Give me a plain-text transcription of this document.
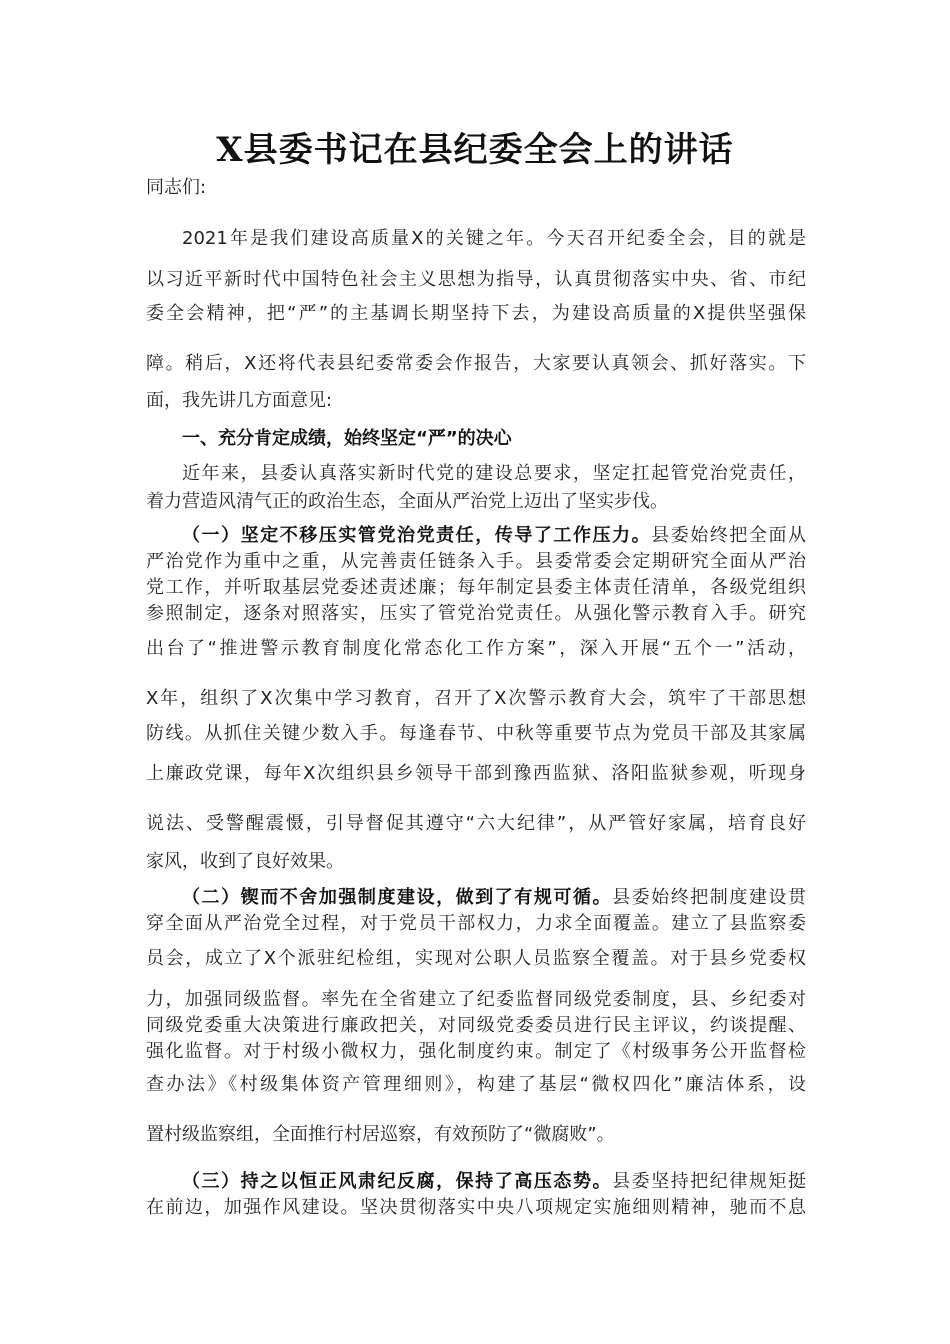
X县委书记在县纪委全会上的讲话
同志们:
2021年是我们建设高质量X的关键之年。今天召开纪委全会，目的就是
以习近平新时代中国特色社会主义思想为指导，认真贯彻落实中央、省、市纪
委全会精神，把“严”的主基调长期坚持下去，为建设高质量的X提供坚强保
障。稍后，X还将代表县纪委常委会作报告，大家要认真领会、抓好落实。下
面，我先讲几方面意见:
一、充分肯定成绩，始终坚定“严”的决心
近年来，县委认真落实新时代党的建设总要求，坚定扛起管党治党责任，
着力营造风清气正的政治生态，全面从严治党上迈出了坚实步伐。
（一）坚定不移压实管党治党责任，传导了工作压力。县委始终把全面从
严治党作为重中之重，从完善责任链条入手。县委常委会定期研究全面从严治
党工作，并听取基层党委述责述廉；每年制定县委主体责任清单，各级党组织
参照制定，逐条对照落实，压实了管党治党责任。从强化警示教育入手。研究
出台了“推进警示教育制度化常态化工作方案”，深入开展“五个一”活动，
X年，组织了X次集中学习教育，召开了X次警示教育大会，筑牢了干部思想
防线。从抓住关键少数入手。每逢春节、中秋等重要节点为党员干部及其家属
上廉政党课，每年X次组织县乡领导干部到豫西监狱、洛阳监狱参观，听现身
说法、受警醒震慑，引导督促其遵守“六大纪律”，从严管好家属，培育良好
家风，收到了良好效果。
（二）锲而不舍加强制度建设，做到了有规可循。县委始终把制度建设贯
穿全面从严治党全过程，对于党员干部权力，力求全面覆盖。建立了县监察委
员会，成立了X个派驻纪检组，实现对公职人员监察全覆盖。对于县乡党委权
力，加强同级监督。率先在全省建立了纪委监督同级党委制度，县、乡纪委对
同级党委重大决策进行廉政把关，对同级党委委员进行民主评议，约谈提醒、
强化监督。对于村级小微权力，强化制度约束。制定了《村级事务公开监督检
查办法》《村级集体资产管理细则》，构建了基层“微权四化”廉洁体系，设
置村级监察组，全面推行村居巡察，有效预防了“微腐败”。
（三）持之以恒正风肃纪反腐，保持了高压态势。县委坚持把纪律规矩挺
在前边，加强作风建设。坚决贯彻落实中央八项规定实施细则精神，驰而不息
